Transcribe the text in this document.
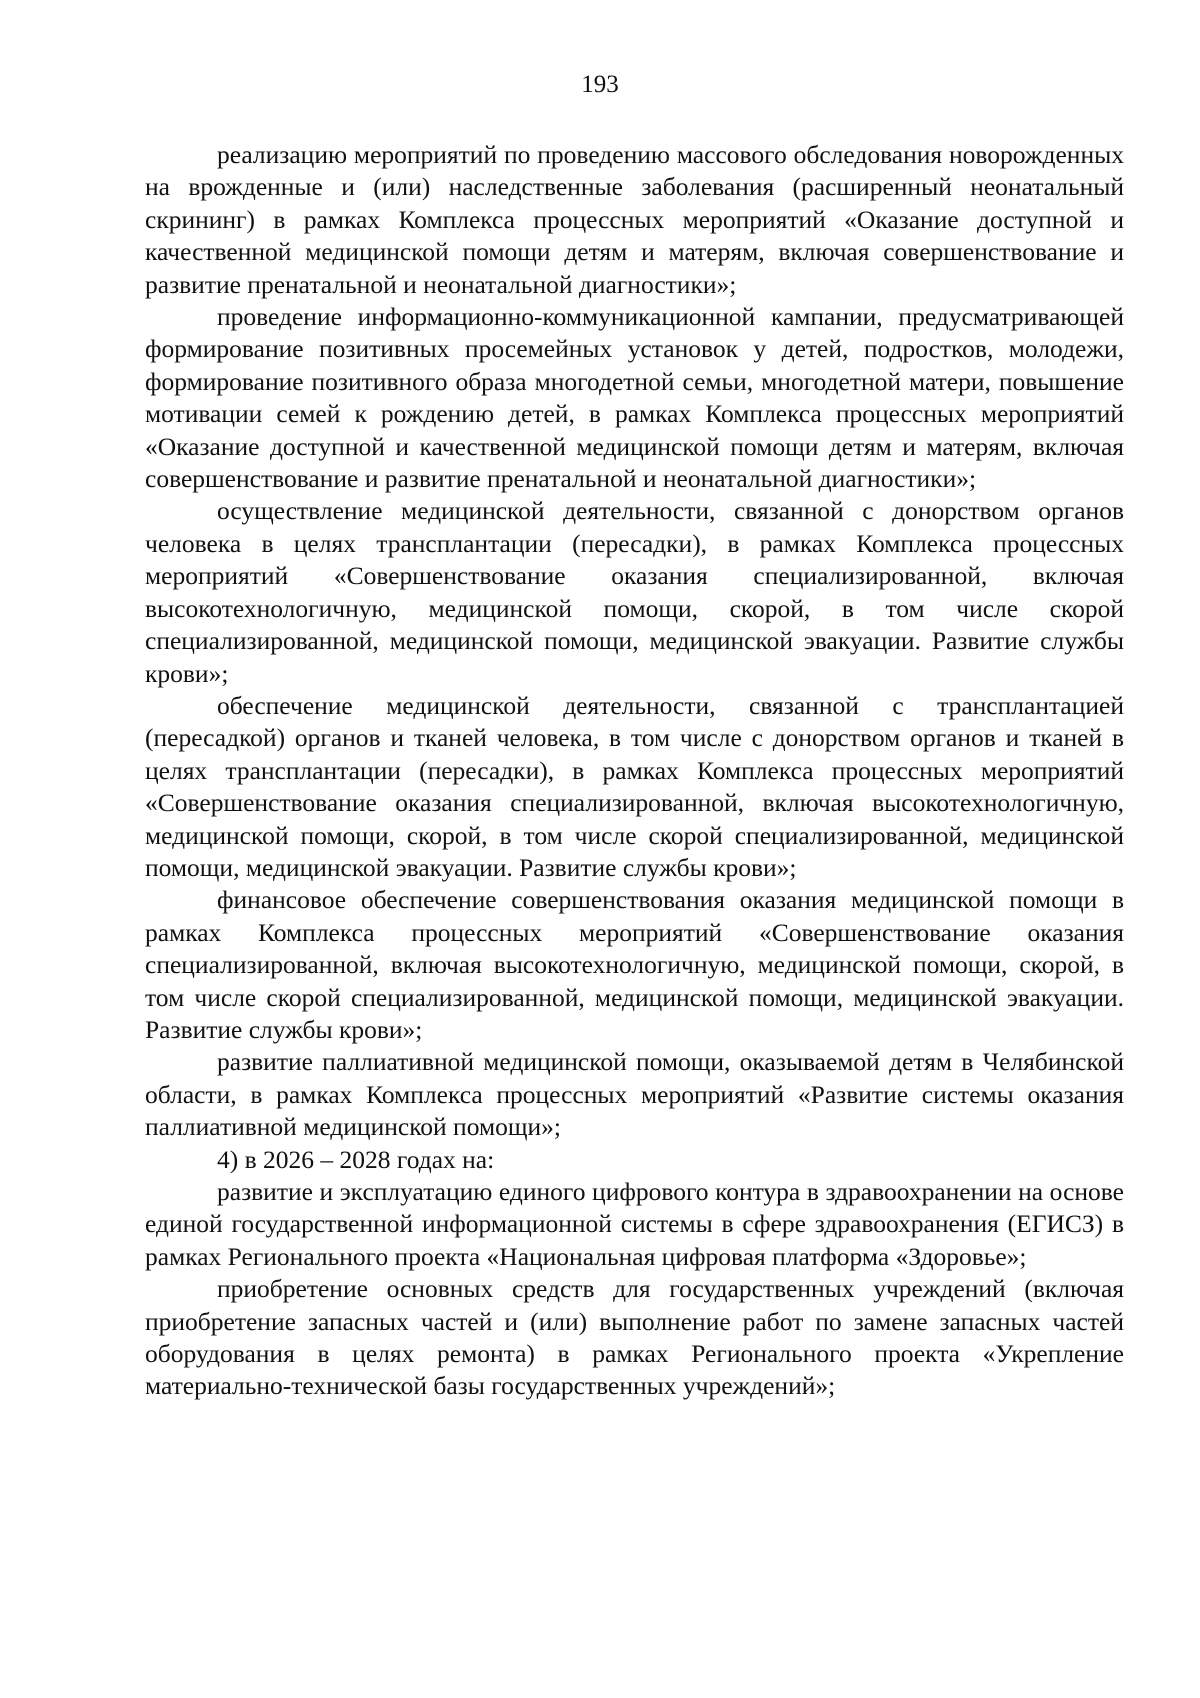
193

реализацию мероприятий по проведению массового обследования новорожденных на врожденные и (или) наследственные заболевания (расширенный неонатальный скрининг) в рамках Комплекса процессных мероприятий «Оказание доступной и качественной медицинской помощи детям и матерям, включая совершенствование и развитие пренатальной и неонатальной диагностики»;

проведение информационно-коммуникационной кампании, предусматривающей формирование позитивных просемейных установок у детей, подростков, молодежи, формирование позитивного образа многодетной семьи, многодетной матери, повышение мотивации семей к рождению детей, в рамках Комплекса процессных мероприятий «Оказание доступной и качественной медицинской помощи детям и матерям, включая совершенствование и развитие пренатальной и неонатальной диагностики»;

осуществление медицинской деятельности, связанной с донорством органов человека в целях трансплантации (пересадки), в рамках Комплекса процессных мероприятий «Совершенствование оказания специализированной, включая высокотехнологичную, медицинской помощи, скорой, в том числе скорой специализированной, медицинской помощи, медицинской эвакуации. Развитие службы крови»;

обеспечение медицинской деятельности, связанной с трансплантацией (пересадкой) органов и тканей человека, в том числе с донорством органов и тканей в целях трансплантации (пересадки), в рамках Комплекса процессных мероприятий «Совершенствование оказания специализированной, включая высокотехнологичную, медицинской помощи, скорой, в том числе скорой специализированной, медицинской помощи, медицинской эвакуации. Развитие службы крови»;

финансовое обеспечение совершенствования оказания медицинской помощи в рамках Комплекса процессных мероприятий «Совершенствование оказания специализированной, включая высокотехнологичную, медицинской помощи, скорой, в том числе скорой специализированной, медицинской помощи, медицинской эвакуации. Развитие службы крови»;

развитие паллиативной медицинской помощи, оказываемой детям в Челябинской области, в рамках Комплекса процессных мероприятий «Развитие системы оказания паллиативной медицинской помощи»;

4) в 2026 – 2028 годах на:

развитие и эксплуатацию единого цифрового контура в здравоохранении на основе единой государственной информационной системы в сфере здравоохранения (ЕГИСЗ) в рамках Регионального проекта «Национальная цифровая платформа «Здоровье»;

приобретение основных средств для государственных учреждений (включая приобретение запасных частей и (или) выполнение работ по замене запасных частей оборудования в целях ремонта) в рамках Регионального проекта «Укрепление материально-технической базы государственных учреждений»;
